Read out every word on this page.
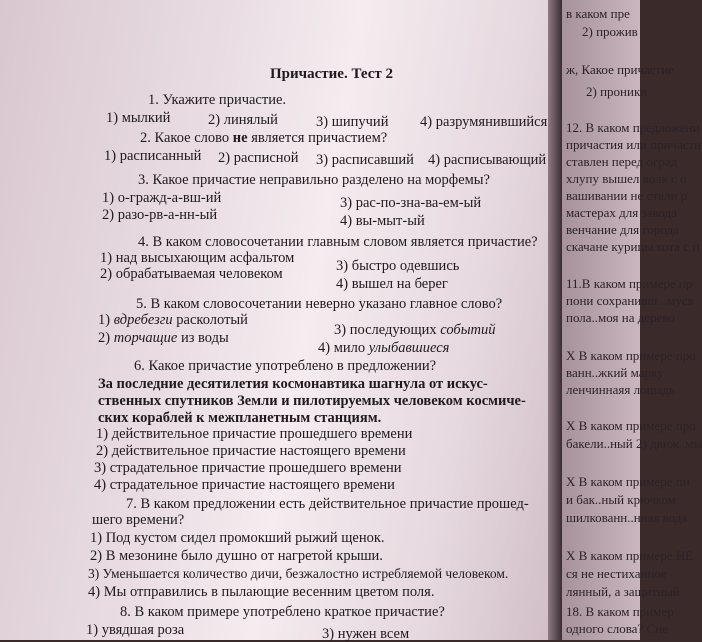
Причастие. Тест 2
1. Укажите причастие.
1) мылкий	2) линялый	3) шипучий 4) разрумянившийся
2. Какое слово не является причастием?
1) расписанный 2) расписной 3) расписавший 4) расписывающий
3. Какое причастие неправильно разделено на морфемы?
1) о-гражд-а-вш-ий
2) разо-рв-а-нн-ый
3) рас-по-зна-ва-ем-ый
4) вы-мыт-ый
4. В каком словосочетании главным словом является причастие?
1) над высыхающим асфальтом
2) обрабатываемая человеком	3) быстро одевшись
4) вышел на берег
5. В каком словосочетании неверно указано главное слово?
1) вдребезги расколотый
2) торчащие из воды	3) последующих событий
4) мило улыбавшиеся
6. Какое причастие употреблено в предложении?
За последние десятилетия космонавтика шагнула от искус-
ственных спутников Земли и пилотируемых человеком космиче-
ских кораблей к межпланетным станциям.
1) действительное причастие прошедшего времени
2) действительное причастие настоящего времени
3) страдательное причастие прошедшего времени
4) страдательное причастие настоящего времени
7. В каком предложении есть действительное причастие прошед-
шего времени?
1) Под кустом сидел промокший рыжий щенок.
2) В мезонине было душно от нагретой крыши.
3) Уменьшается количество дичи, безжалостно истребляемой человеком.
4) Мы отправились в пылающие весенним цветом поля.
8. В каком примере употреблено краткое причастие?
1) увядшая роза	3) нужен всем
в каком пре
2) прожив
ж, Какое причастие
2) проникн
12. В каком предложени
причастия или причастн
ставлен перед оград
хлупу вышел волк с о
вашивании не стали р
мастерах для завода
венчание для города
скачане курицы кота с п
11.В каком примере пр
пони сохранивш...муся
пола..моя на дерево
Х В каком примере про
ванн..жкий марку
ленчиннаяя лошадь
Х В каком примере про
бакели..ный 2) движ..мы
Х В каком примере пи
и бак..ный крючком
шилкованн..нная вода
Х В каком примере НЕ
ся не нестиханное
лянный, а защитный
18. В каком пример
одного слова? Сне
